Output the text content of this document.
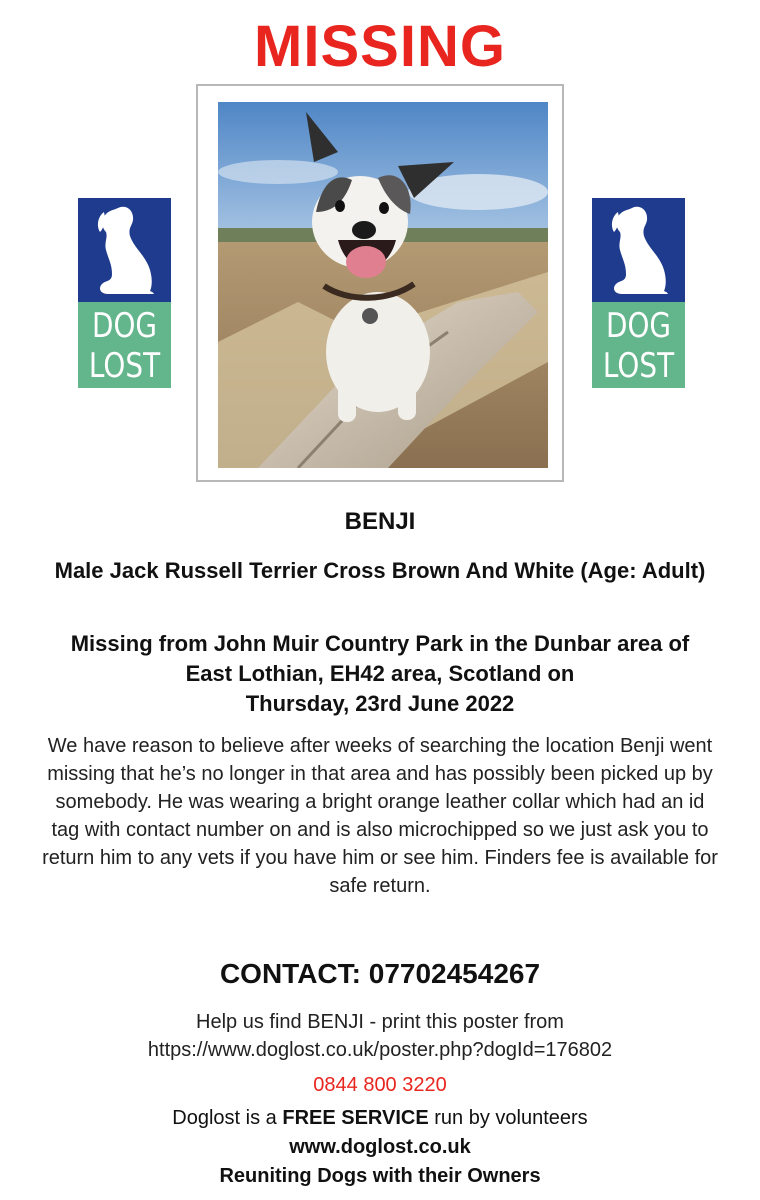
MISSING
DOG
LOST
DOG
LOST
BENJI
Male Jack Russell Terrier Cross Brown And White (Age: Adult)
Missing from John Muir Country Park in the Dunbar area of
East Lothian, EH42 area, Scotland on
Thursday, 23rd June 2022
We have reason to believe after weeks of searching the location Benji went missing that he’s no longer in that area and has possibly been picked up by somebody. He was wearing a bright orange leather collar which had an id tag with contact number on and is also microchipped so we just ask you to return him to any vets if you have him or see him. Finders fee is available for safe return.
CONTACT: 07702454267
Help us find BENJI - print this poster from
https://www.doglost.co.uk/poster.php?dogId=176802
0844 800 3220
Doglost is a FREE SERVICE run by volunteers
www.doglost.co.uk
Reuniting Dogs with their Owners
